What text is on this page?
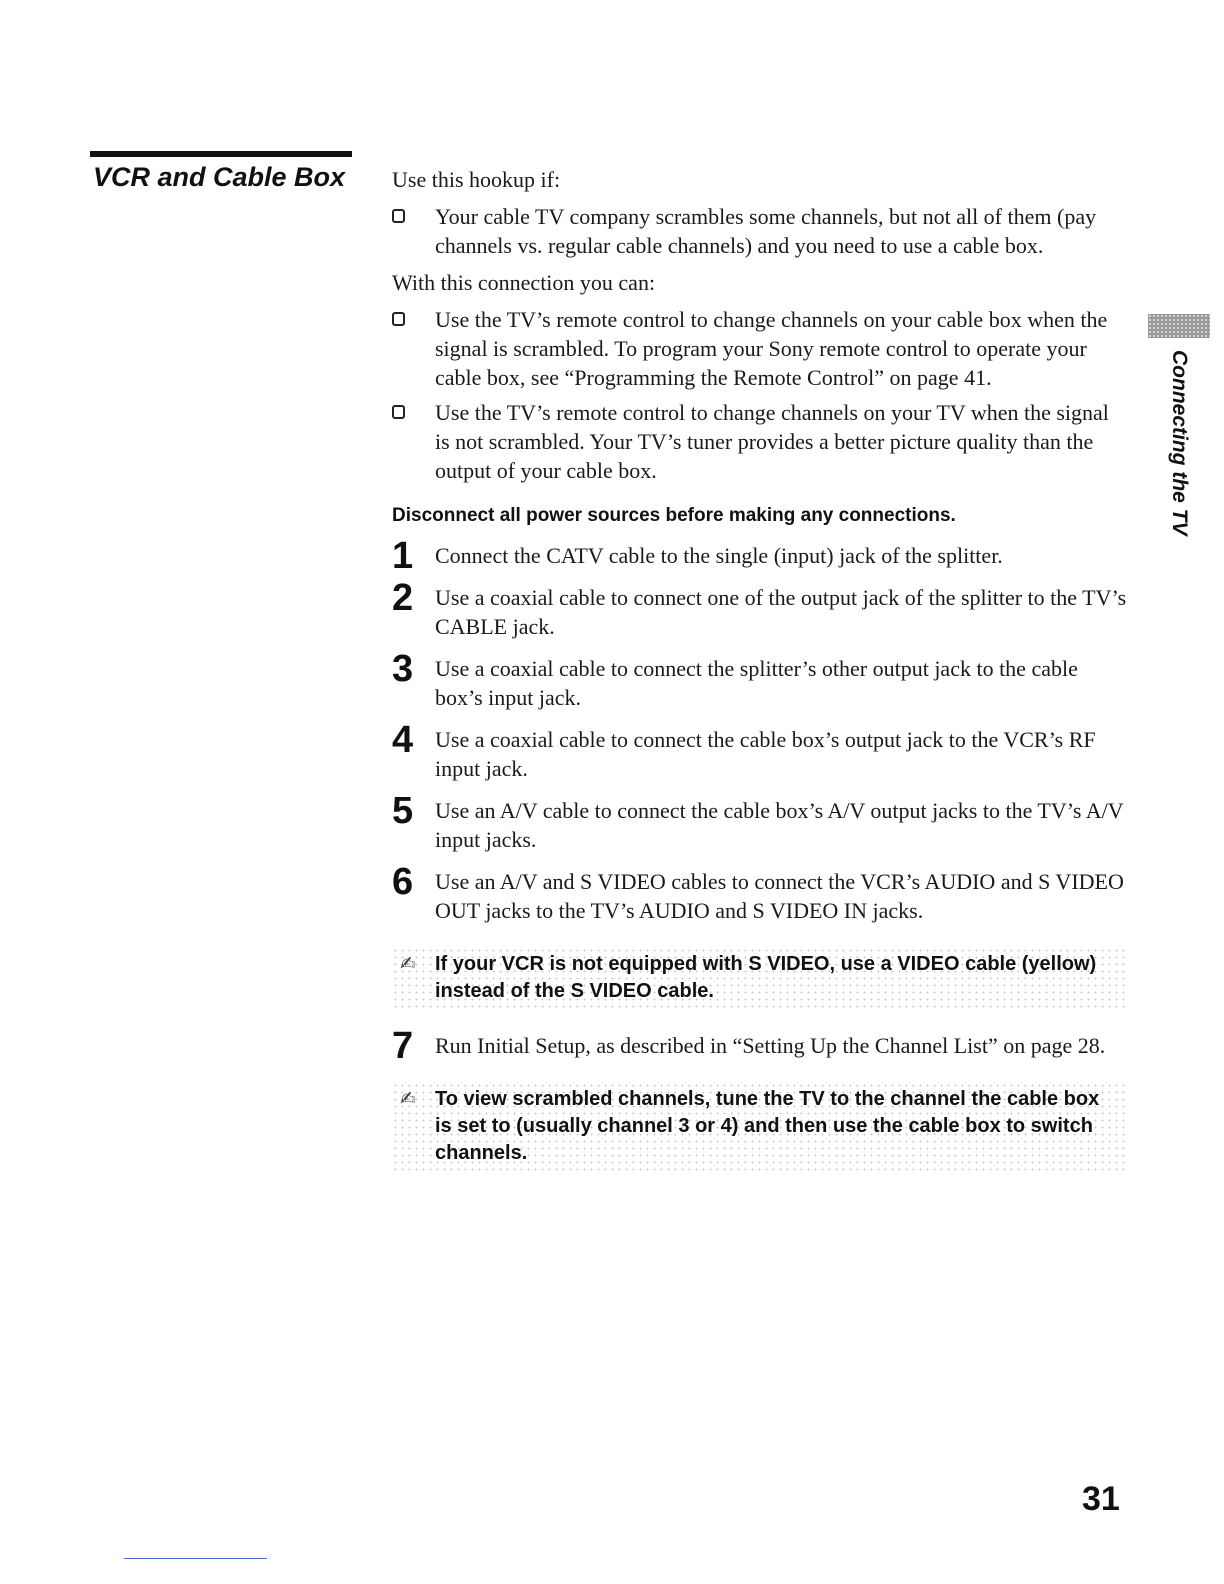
VCR and Cable Box Use this hookup if:

Your cable TV company scrambles some channels, but not all of them (pay channels vs. regular cable channels) and you need to use a cable box.

With this connection you can:

Use the TV’s remote control to change channels on your cable box when the signal is scrambled. To program your Sony remote control to operate your cable box, see “Programming the Remote Control” on page 41.
Use the TV’s remote control to change channels on your TV when the signal is not scrambled. Your TV’s tuner provides a better picture quality than the output of your cable box.

Disconnect all power sources before making any connections.

1 Connect the CATV cable to the single (input) jack of the splitter.
2 Use a coaxial cable to connect one of the output jack of the splitter to the TV’s CABLE jack.
3 Use a coaxial cable to connect the splitter’s other output jack to the cable box’s input jack.
4 Use a coaxial cable to connect the cable box’s output jack to the VCR’s RF input jack.
5 Use an A/V cable to connect the cable box’s A/V output jacks to the TV’s A/V input jacks.
6 Use an A/V and S VIDEO cables to connect the VCR’s AUDIO and S VIDEO OUT jacks to the TV’s AUDIO and S VIDEO IN jacks.
✍ If your VCR is not equipped with S VIDEO, use a VIDEO cable (yellow) instead of the S VIDEO cable.
7 Run Initial Setup, as described in “Setting Up the Channel List” on page 28.
✍ To view scrambled channels, tune the TV to the channel the cable box is set to (usually channel 3 or 4) and then use the cable box to switch channels.
Connecting the TV
31
